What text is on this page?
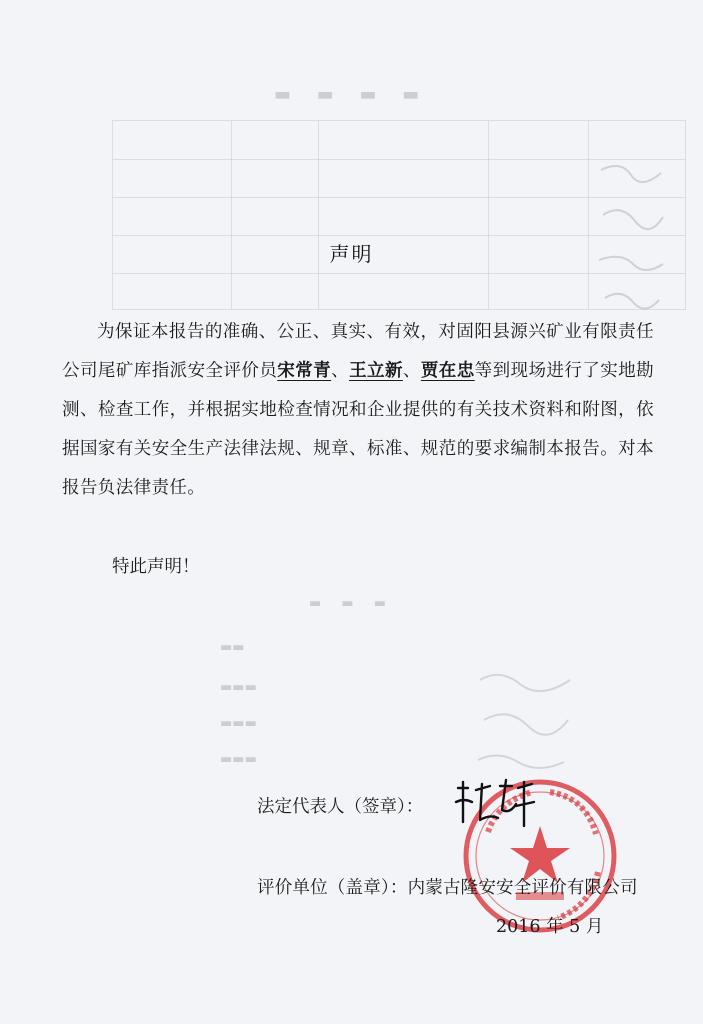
▬ ▬ ▬ ▬
▬ ▬ ▬
▬▬
▬▬▬
▬▬▬
▬▬▬
声明
为保证本报告的准确、公正、真实、有效，对固阳县源兴矿业有限责任公司尾矿库指派安全评价员宋常青、王立新、贾在忠等到现场进行了实地勘测、检查工作，并根据实地检查情况和企业提供的有关技术资料和附图，依据国家有关安全生产法律法规、规章、标准、规范的要求编制本报告。对本报告负法律责任。
特此声明！
法定代表人（签章）：
评价单位（盖章）：内蒙古隆安安全评价有限公司
2016 年 5 月
